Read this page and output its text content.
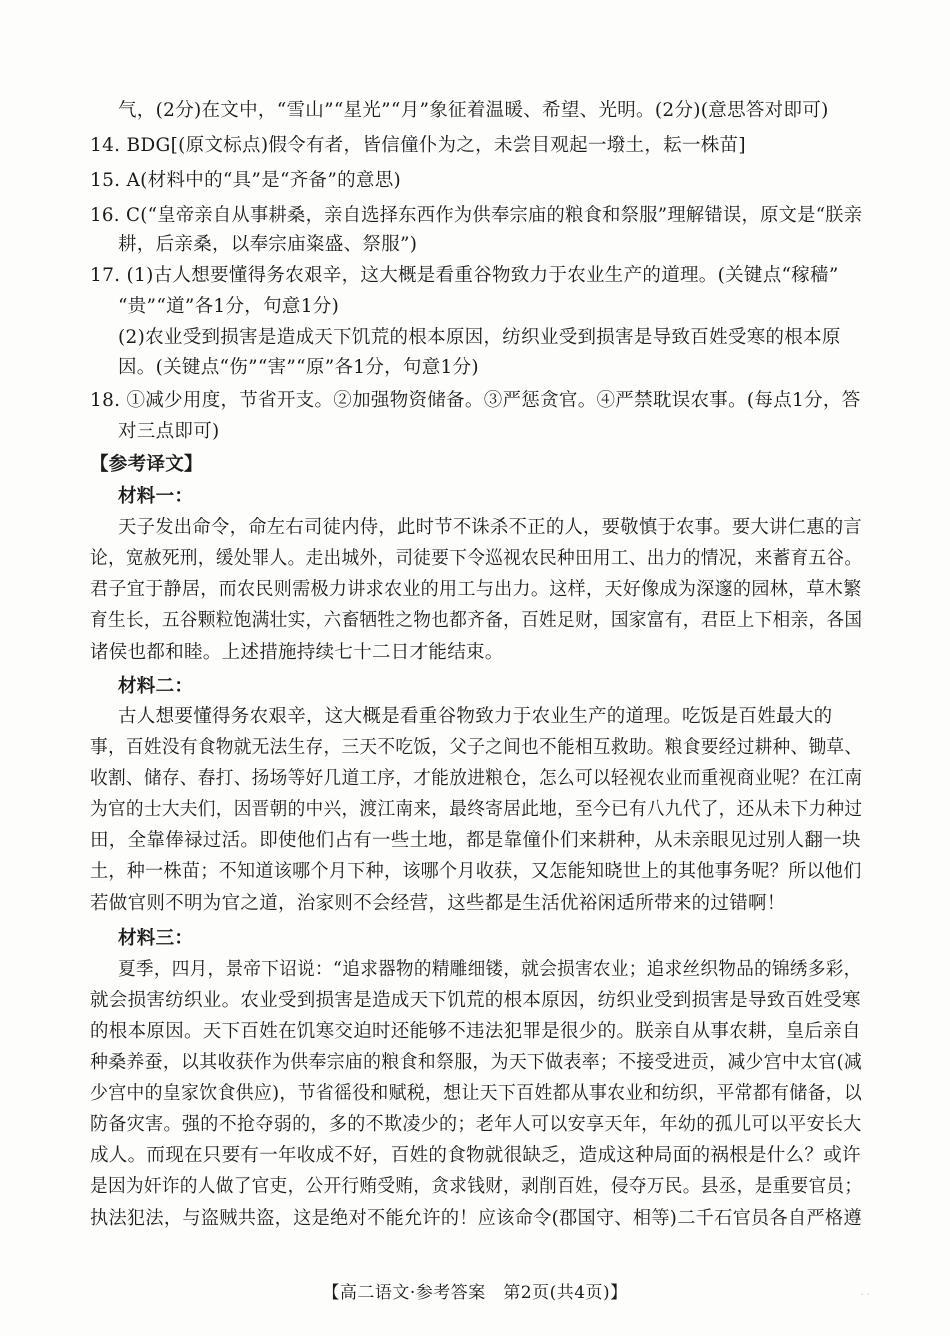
气，(2分)在文中，“雪山”“星光”“月”象征着温暖、希望、光明。(2分)(意思答对即可)
14. BDG[(原文标点)假令有者，皆信僮仆为之，未尝目观起一墢土，耘一株苗]
15. A(材料中的“具”是“齐备”的意思)
16. C(“皇帝亲自从事耕桑，亲自选择东西作为供奉宗庙的粮食和祭服”理解错误，原文是“朕亲
耕，后亲桑，以奉宗庙粢盛、祭服”)
17. (1)古人想要懂得务农艰辛，这大概是看重谷物致力于农业生产的道理。(关键点“稼穑”
“贵”“道”各1分，句意1分)
(2)农业受到损害是造成天下饥荒的根本原因，纺织业受到损害是导致百姓受寒的根本原
因。(关键点“伤”“害”“原”各1分，句意1分)
18. ①减少用度，节省开支。②加强物资储备。③严惩贪官。④严禁耽误农事。(每点1分，答
对三点即可)
【参考译文】
材料一：
天子发出命令，命左右司徒内侍，此时节不诛杀不正的人，要敬慎于农事。要大讲仁惠的言
论，宽赦死刑，缓处罪人。走出城外，司徒要下令巡视农民种田用工、出力的情况，来蓄育五谷。
君子宜于静居，而农民则需极力讲求农业的用工与出力。这样，天好像成为深邃的园林，草木繁
育生长，五谷颗粒饱满壮实，六畜牺牲之物也都齐备，百姓足财，国家富有，君臣上下相亲，各国
诸侯也都和睦。上述措施持续七十二日才能结束。
材料二：
古人想要懂得务农艰辛，这大概是看重谷物致力于农业生产的道理。吃饭是百姓最大的
事，百姓没有食物就无法生存，三天不吃饭，父子之间也不能相互救助。粮食要经过耕种、锄草、
收割、储存、舂打、扬场等好几道工序，才能放进粮仓，怎么可以轻视农业而重视商业呢？在江南
为官的士大夫们，因晋朝的中兴，渡江南来，最终寄居此地，至今已有八九代了，还从未下力种过
田，全靠俸禄过活。即使他们占有一些土地，都是靠僮仆们来耕种，从未亲眼见过别人翻一块
土，种一株苗；不知道该哪个月下种，该哪个月收获，又怎能知晓世上的其他事务呢？所以他们
若做官则不明为官之道，治家则不会经营，这些都是生活优裕闲适所带来的过错啊！
材料三：
夏季，四月，景帝下诏说：“追求器物的精雕细镂，就会损害农业；追求丝织物品的锦绣多彩，
就会损害纺织业。农业受到损害是造成天下饥荒的根本原因，纺织业受到损害是导致百姓受寒
的根本原因。天下百姓在饥寒交迫时还能够不违法犯罪是很少的。朕亲自从事农耕，皇后亲自
种桑养蚕，以其收获作为供奉宗庙的粮食和祭服，为天下做表率；不接受进贡，减少宫中太官(减
少宫中的皇家饮食供应)，节省徭役和赋税，想让天下百姓都从事农业和纺织，平常都有储备，以
防备灾害。强的不抢夺弱的，多的不欺凌少的；老年人可以安享天年，年幼的孤儿可以平安长大
成人。而现在只要有一年收成不好，百姓的食物就很缺乏，造成这种局面的祸根是什么？或许
是因为奸诈的人做了官吏，公开行贿受贿，贪求钱财，剥削百姓，侵夺万民。县丞，是重要官员；
执法犯法，与盗贼共盗，这是绝对不能允许的！应该命令(郡国守、相等)二千石官员各自严格遵
【高二语文·参考答案　第2页(共4页)】	· ·
